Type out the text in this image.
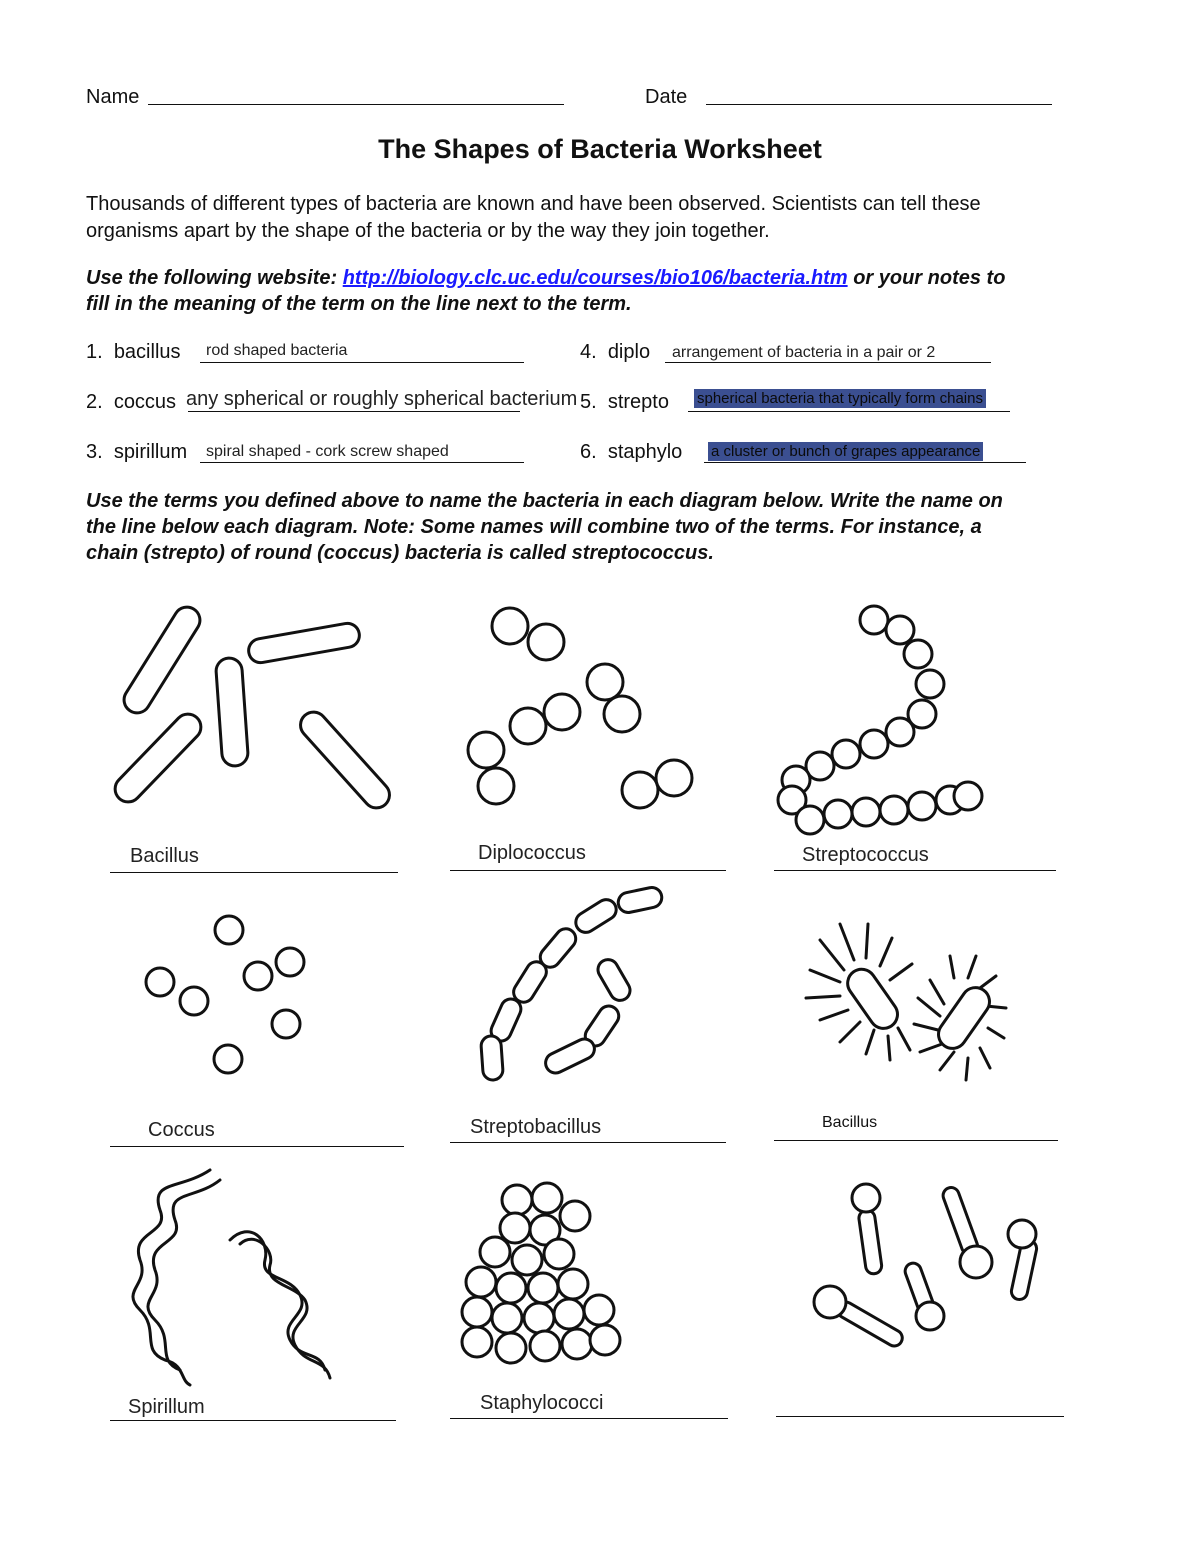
Name	Date
The Shapes of Bacteria Worksheet
Thousands of different types of bacteria are known and have been observed. Scientists can tell these
organisms apart by the shape of the bacteria or by the way they join together.
Use the following website: http://biology.clc.uc.edu/courses/bio106/bacteria.htm or your notes to
fill in the meaning of the term on the line next to the term.
1. bacillus rod shaped bacteria
2. coccus any spherical or roughly spherical bacterium
3. spirillum spiral shaped - cork screw shaped
4. diplo arrangement of bacteria in a pair or 2
5. strepto spherical bacteria that typically form chains
6. staphylo a cluster or bunch of grapes appearance
Use the terms you defined above to name the bacteria in each diagram below. Write the name on
the line below each diagram. Note: Some names will combine two of the terms. For instance, a
chain (strepto) of round (coccus) bacteria is called streptococcus.
Bacillus	Diplococcus	Streptococcus
Coccus	Streptobacillus	Bacillus
Spirillum	Staphylococci
